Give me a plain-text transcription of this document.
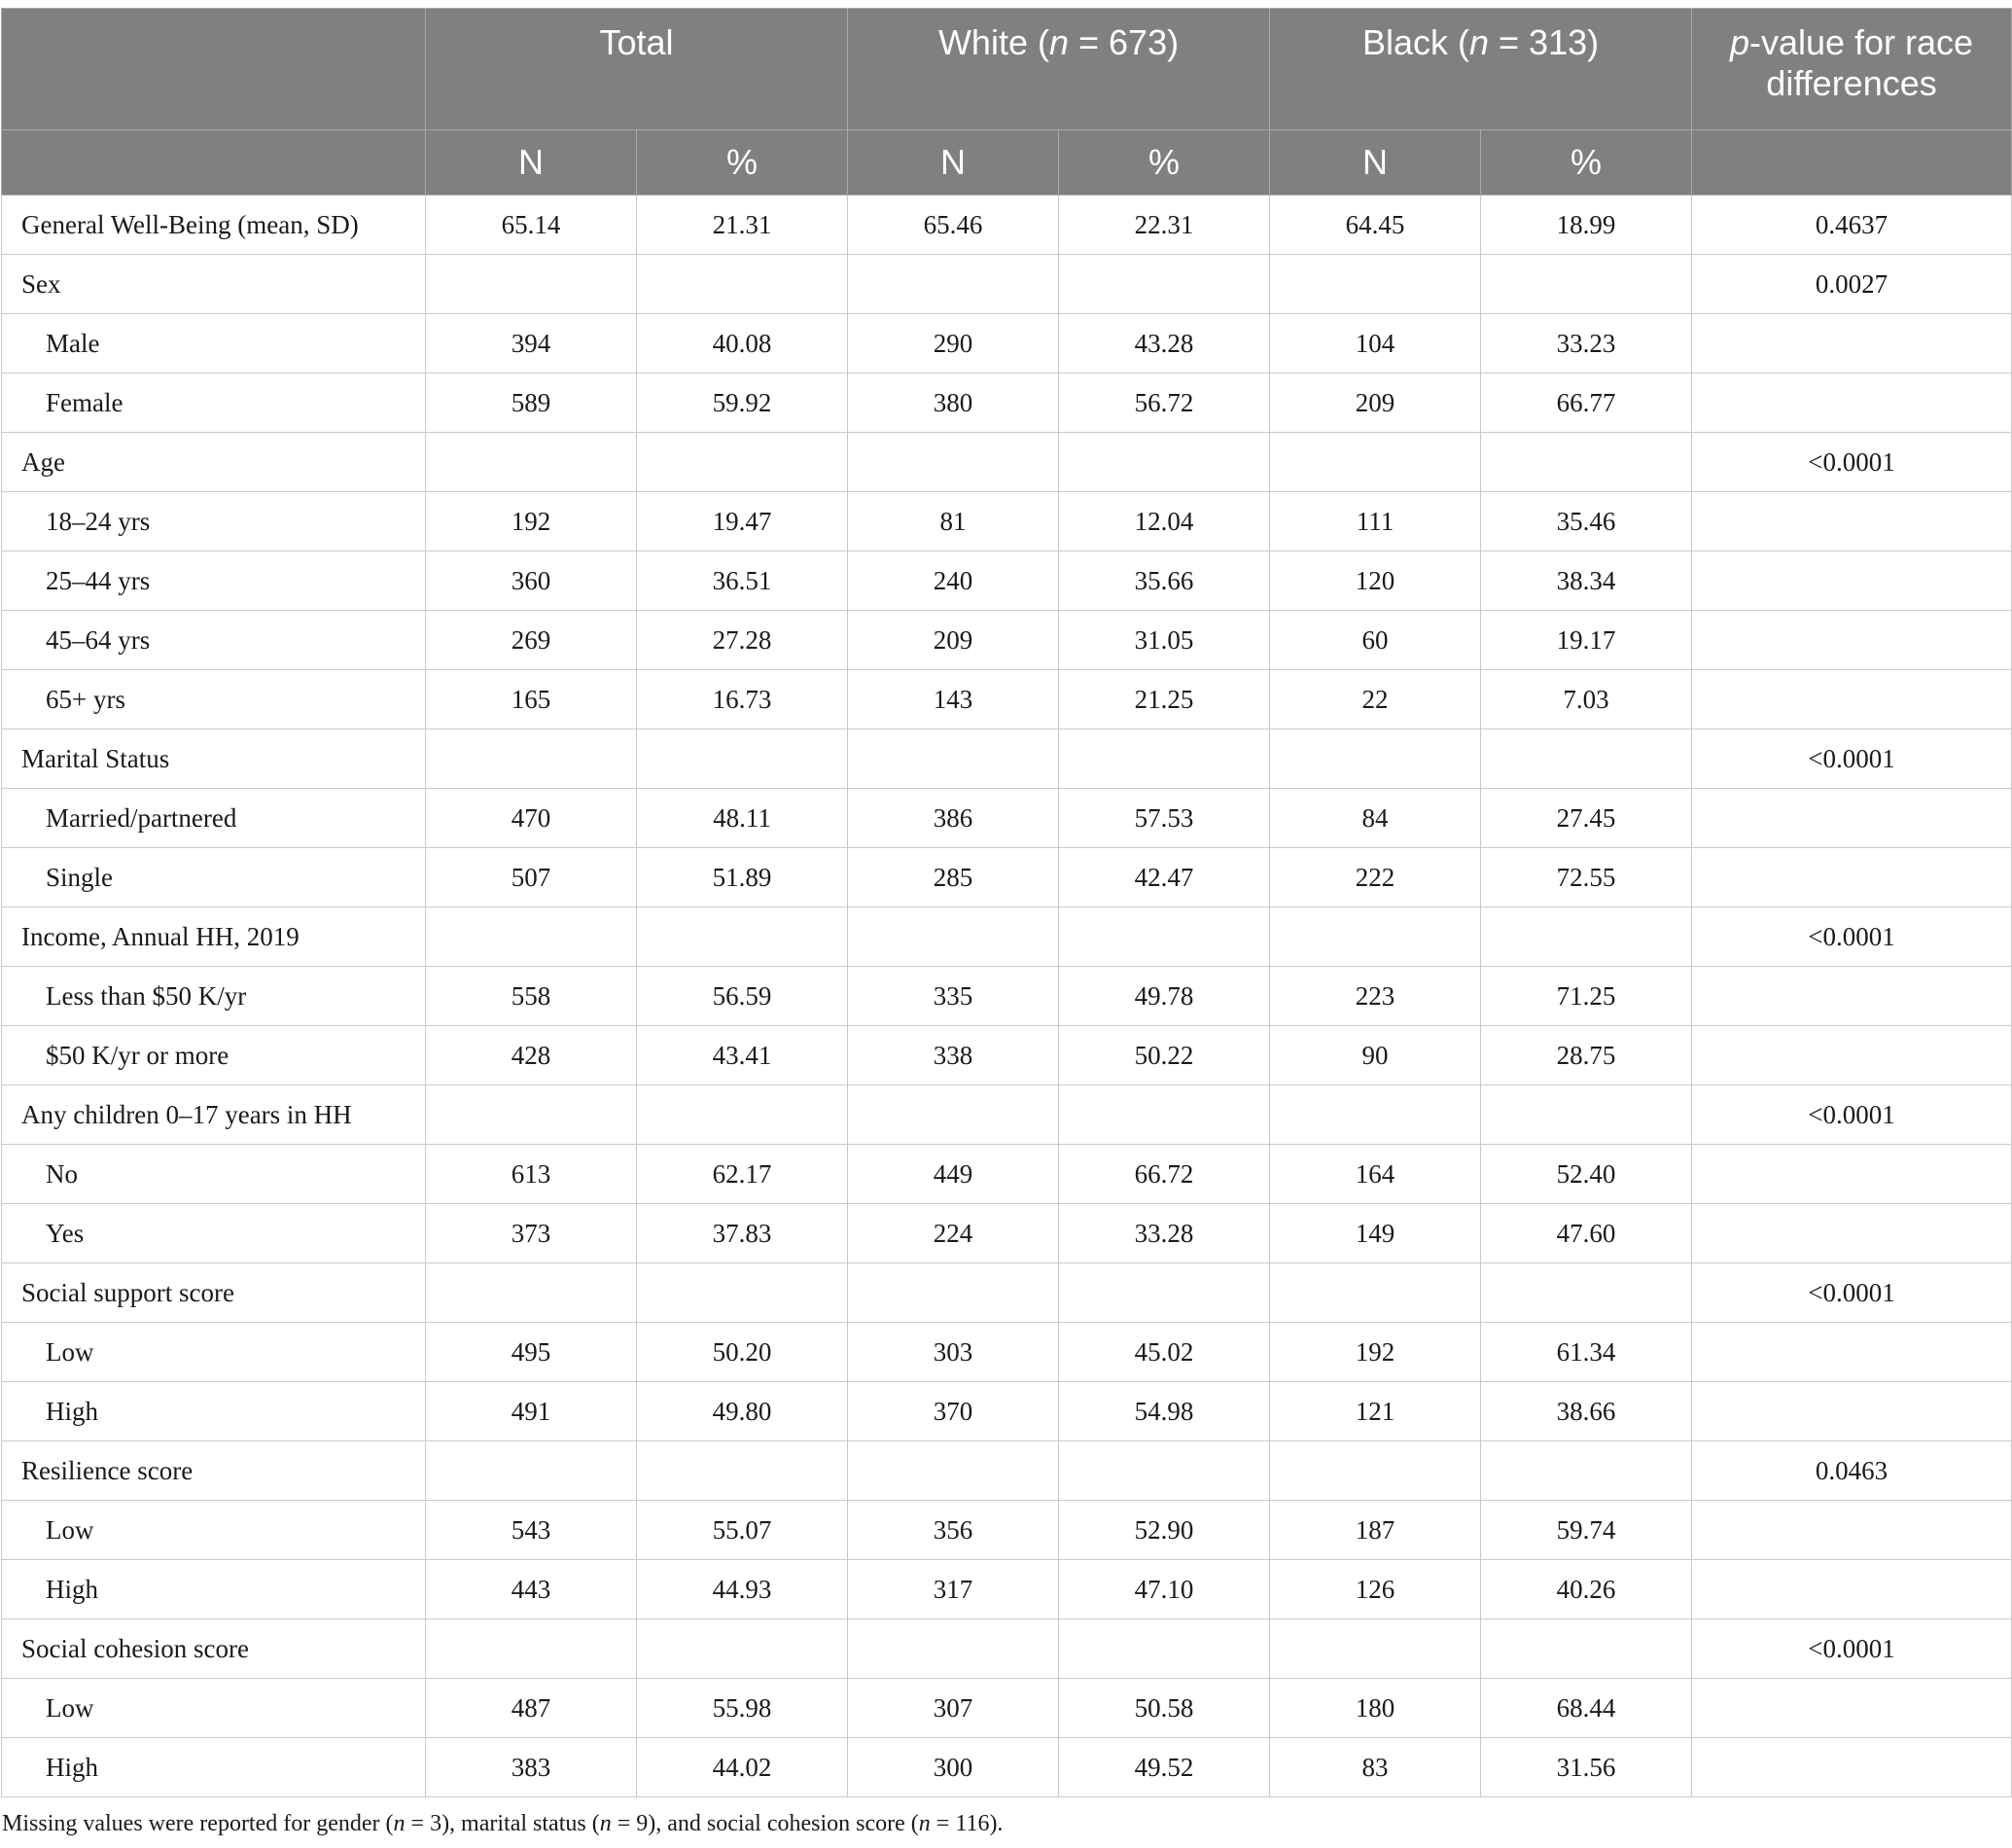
	Total		White (n = 673)		Black (n = 313)		p-value for race differences
	N	%	N	%	N	%	
General Well-Being (mean, SD)	65.14	21.31	65.46	22.31	64.45	18.99	0.4637
Sex							0.0027
Male	394	40.08	290	43.28	104	33.23	
Female	589	59.92	380	56.72	209	66.77	
Age							<0.0001
18–24 yrs	192	19.47	81	12.04	111	35.46	
25–44 yrs	360	36.51	240	35.66	120	38.34	
45–64 yrs	269	27.28	209	31.05	60	19.17	
65+ yrs	165	16.73	143	21.25	22	7.03	
Marital Status							<0.0001
Married/partnered	470	48.11	386	57.53	84	27.45	
Single	507	51.89	285	42.47	222	72.55	
Income, Annual HH, 2019							<0.0001
Less than $50 K/yr	558	56.59	335	49.78	223	71.25	
$50 K/yr or more	428	43.41	338	50.22	90	28.75	
Any children 0–17 years in HH							<0.0001
No	613	62.17	449	66.72	164	52.40	
Yes	373	37.83	224	33.28	149	47.60	
Social support score							<0.0001
Low	495	50.20	303	45.02	192	61.34	
High	491	49.80	370	54.98	121	38.66	
Resilience score							0.0463
Low	543	55.07	356	52.90	187	59.74	
High	443	44.93	317	47.10	126	40.26	
Social cohesion score							<0.0001
Low	487	55.98	307	50.58	180	68.44	
High	383	44.02	300	49.52	83	31.56	
Missing values were reported for gender (n = 3), marital status (n = 9), and social cohesion score (n = 116).
